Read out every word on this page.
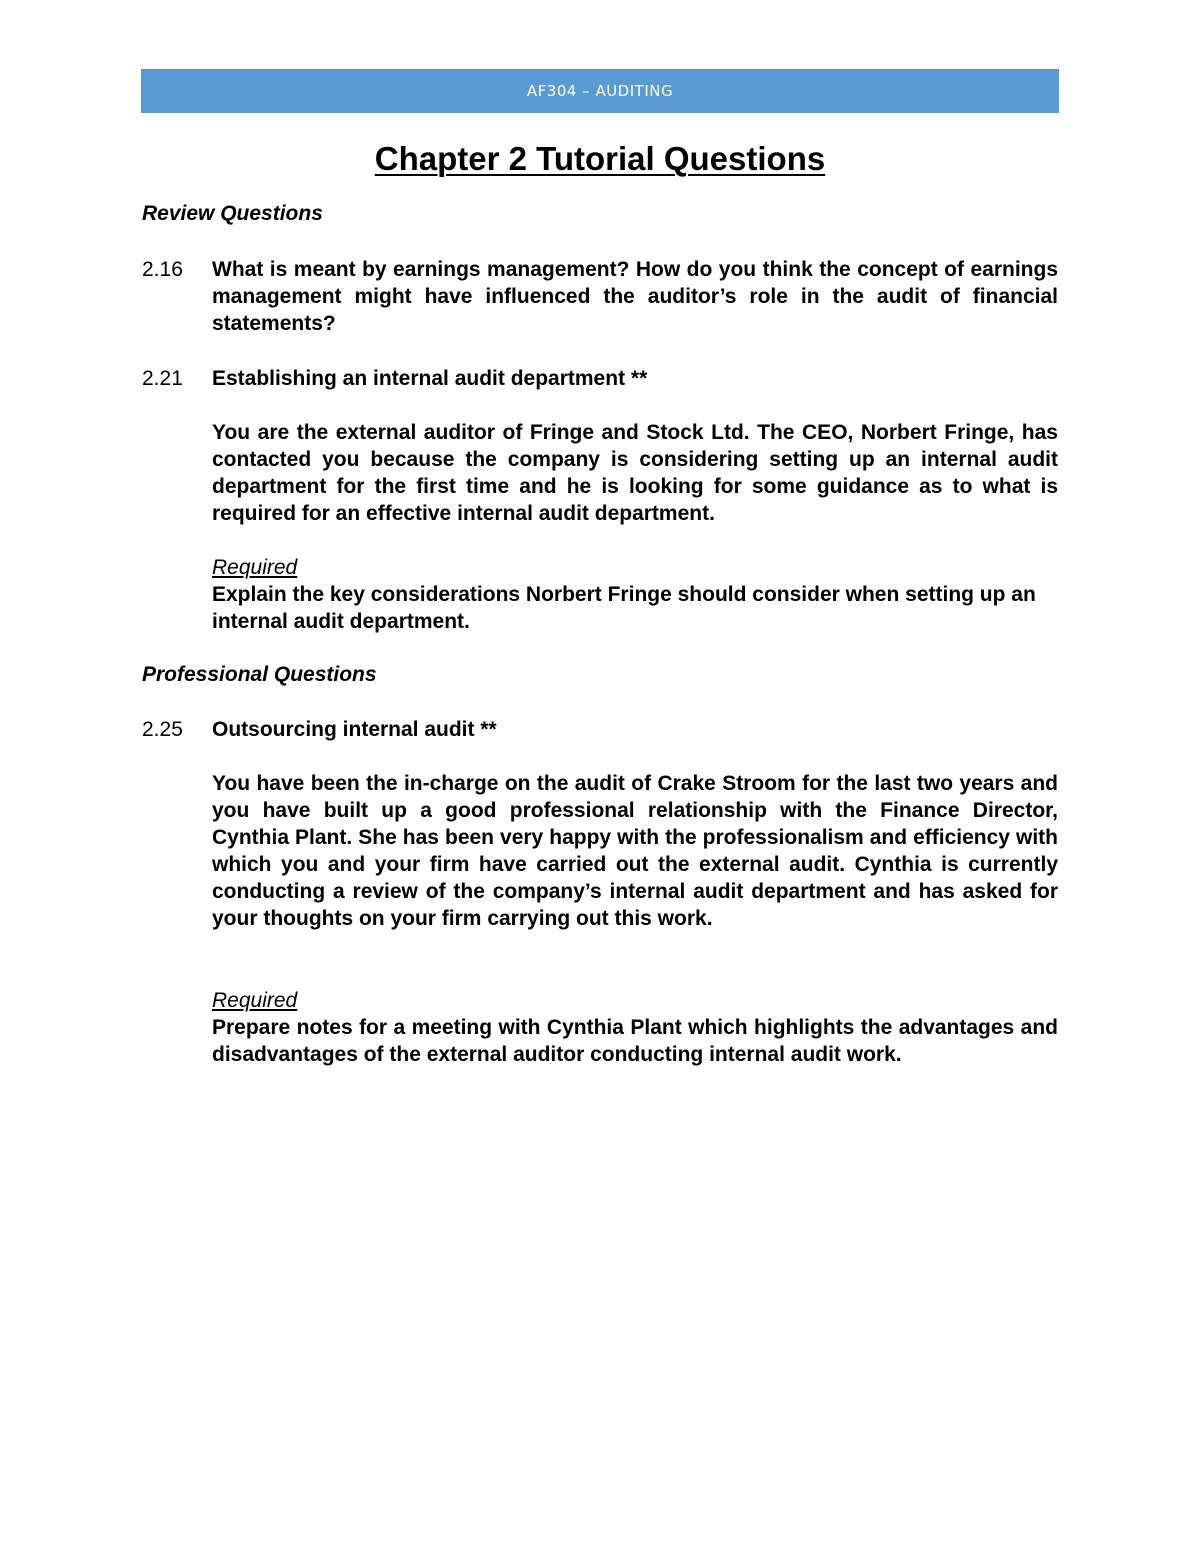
AF304 – AUDITING
Chapter 2 Tutorial Questions
Review Questions
2.16 What is meant by earnings management? How do you think the concept of earnings management might have influenced the auditor’s role in the audit of financial statements?

2.21 Establishing an internal audit department **

You are the external auditor of Fringe and Stock Ltd. The CEO, Norbert Fringe, has contacted you because the company is considering setting up an internal audit department for the first time and he is looking for some guidance as to what is required for an effective internal audit department.

Required

Explain the key considerations Norbert Fringe should consider when setting up an internal audit department.

Professional Questions
2.25 Outsourcing internal audit **

You have been the in-charge on the audit of Crake Stroom for the last two years and you have built up a good professional relationship with the Finance Director, Cynthia Plant. She has been very happy with the professionalism and efficiency with which you and your firm have carried out the external audit. Cynthia is currently conducting a review of the company’s internal audit department and has asked for your thoughts on your firm carrying out this work.

Required

Prepare notes for a meeting with Cynthia Plant which highlights the advantages and disadvantages of the external auditor conducting internal audit work.
